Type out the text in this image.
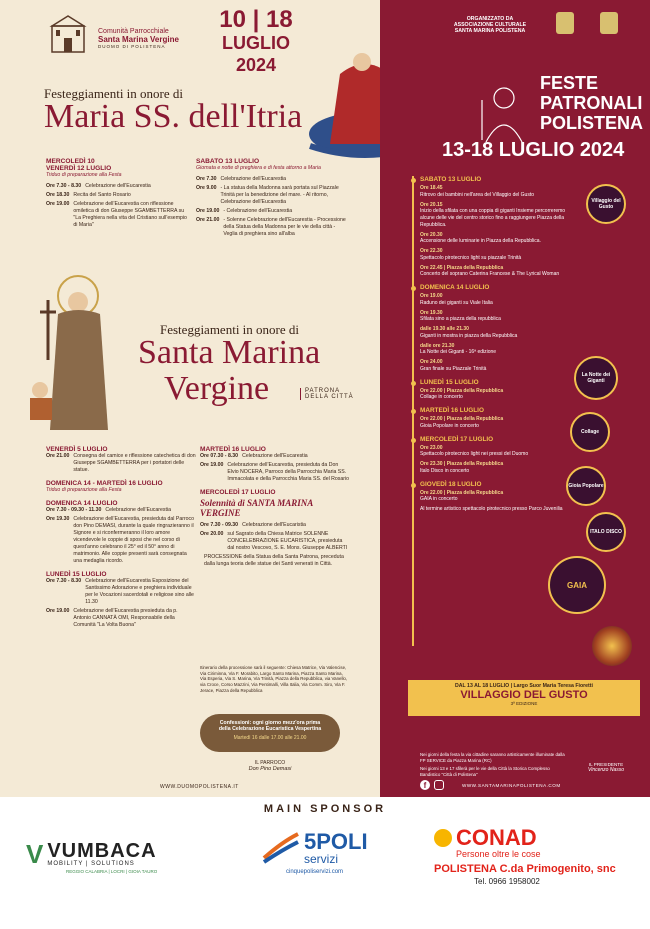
Comunità Parrocchiale
Santa Marina Vergine
DUOMO DI POLISTENA
10 | 18
LUGLIO
2024
Festeggiamenti in onore di
Maria SS. dell'Itria
MERCOLEDÌ 10
VENERDÌ 12 LUGLIO
Triduo di preparazione alla Festa
Ore 7.30 - 8.30 Celebrazione dell'Eucarestia
Ore 18.30 Recita del Santo Rosario
Ore 19.00 Celebrazione dell'Eucarestia con riflessione omiletica di don Giuseppe SGAMBETTERRA su "La Preghiera nella vita del Cristiano sull'esempio di Maria"
SABATO 13 LUGLIO
Giornata e notte di preghiera e di festa attorno a Maria
Ore 7.30 Celebrazione dell'Eucarestia
Ore 9.00 - La statua della Madonna sarà portata sul Piazzale Trinità per la benedizione del mare. - Al ritorno, Celebrazione dell'Eucarestia
Ore 19.00 - Celebrazione dell'Eucarestia
Ore 21.00 - Solenne Celebrazione dell'Eucarestia - Processione della Statua della Madonna per le vie della città - Veglia di preghiera sino all'alba
Festeggiamenti in onore di
Santa Marina
Vergine	PATRONA DELLA CITTÀ
VENERDÌ 5 LUGLIO
Ore 21.00 Consegna del camice e riflessione catechetica di don Giuseppe SGAMBETTERRA per i portatori delle statue.
DOMENICA 14 - MARTEDÌ 16 LUGLIO
Triduo di preparazione alla Festa
DOMENICA 14 LUGLIO
Ore 7.30 - 09.30 - 11.30 Celebrazione dell'Eucarestia
Ore 19.30 Celebrazione dell'Eucarestia, presieduta dal Parroco don Pino DEMASI, durante la quale ringrazieranno il Signore e si riconfermeranno il loro amore vicendevole le coppie di sposi che nel corso di quest'anno celebrano il 25° ed il 50° anno di matrimonio. Alle coppie presenti sarà consegnata una medaglia ricordo.
LUNEDÌ 15 LUGLIO
Ore 7.30 - 8.30 Celebrazione dell'Eucarestia Esposizione del Santissimo Adorazione e preghiera individuale per le Vocazioni sacerdotali e religiose sino alle 11.30
Ore 19.00 Celebrazione dell'Eucarestia presieduta da p. Antonio CANNATÀ OMI, Responsabile della Comunità "La Volta Buona"
MARTEDÌ 16 LUGLIO
Ore 07.30 - 8.30 Celebrazione dell'Eucarestia
Ore 19.00 Celebrazione dell'Eucarestia, presieduta da Don Elvio NOCERA, Parroco della Parrocchia Maria SS. Immacolata e della Parrocchia Maria SS. del Rosario
MERCOLEDÌ 17 LUGLIO
Solennità di SANTA MARINA VERGINE
Ore 7.30 - 09.30 Celebrazione dell'Eucaristia
Ore 20.00 sul Sagrato della Chiesa Matrice SOLENNE CONCELEBRAZIONE EUCARISTICA, presieduta dal nostro Vescovo, S. E. Mons. Giuseppe ALBERTI
PROCESSIONE della Statua della Santa Patrona, preceduta dalla lunga teoria delle statue dei Santi venerati in Città.
Itinerario della processione sarà il seguente: Chiesa Matrice, Via Valencise, Via Ciriminna, Via F. Morabito, Largo Santo Marina, Piazza Santo Marina, Via Esperia, Via S. Marina, Via Trinità, Piazza della Repubblica, via Vanello, via Croce, Corso Mazzini, Via Pentimalli, Villa Italia, Via Comm. Siro, Via F. Jerace, Piazza della Repubblica
Confessioni: ogni giorno mezz'ora prima
della Celebrazione Eucaristica Vespertina
Martedì 16 dalle 17.00 alle 21.00
IL PARROCO
Don Pino Demasi
WWW.DUOMOPOLISTENA.IT
ORGANIZZATO DA
ASSOCIAZIONE CULTURALE
SANTA MARINA POLISTENA
FESTE
PATRONALI
POLISTENA
13-18 LUGLIO 2024
SABATO 13 LUGLIO
Ore 18.45
Ritrovo dei bambini nell'area del Villaggio del Gusto
Ore 20.15
Inizio della sfilata con una coppia di giganti Insieme percorreremo alcune delle vie del centro storico fino a raggiungere Piazza della Repubblica.
Ore 20.30
Accensione delle luminarie in Piazza della Repubblica.
Ore 22.30
Spettacolo pirotecnico light su piazzale Trinità
Ore 22.45 | Piazza della Repubblica
Concerto del soprano Caterina Francese & The Lyrical Woman
DOMENICA 14 LUGLIO
Ore 19.00
Raduno dei giganti su Viale Italia
Ore 19.30
Sfilata sino a piazza della repubblica
dalle 19.30 alle 21.30
Giganti in mostra in piazza della Repubblica
dalle ore 21.30
La Notte dei Giganti - 16ª edizione
Ore 24.00
Gran finale su Piazzale Trinità
LUNEDÌ 15 LUGLIO
Ore 22.00 | Piazza della Repubblica
Collage in concerto
MARTEDÌ 16 LUGLIO
Ore 22.00 | Piazza della Repubblica
Gioia Popolare in concerto
MERCOLEDÌ 17 LUGLIO
Ore 23.00
Spettacolo pirotecnico light nei pressi del Duomo
Ore 23.30 | Piazza della Repubblica
Italo Disco in concerto
GIOVEDÌ 18 LUGLIO
Ore 22.00 | Piazza della Repubblica
GAIA in concerto
Al termine artistico spettacolo pirotecnico presso Parco Juvenilia
Nei giorni della festa la via cittadine saranno artisticamente illuminate dalla FP SERVICE da Piazza Marina (RC)
Nei giorni 13 e 17 sfilerà per le vie della Città la Storica Complesso Bandistico "Città di Polistena"
IL PRESIDENTE
Vincenzo Nasso
f	WWW.SANTAMARINAPOLISTENA.COM
Villaggio del Gusto
La Notte dei Giganti
Collage
Gioia Popolare
ITALO DISCO
GAIA
DAL 13 AL 18 LUGLIO | Largo Suor Maria Teresa Fioretti
VILLAGGIO DEL GUSTO
3ª EDIZIONE
MAIN SPONSOR
V VUMBACA
MOBILITY | SOLUTIONS
REGGIO CALABRIA | LOCRI | GIOIA TAURO
5POLI
servizi
cinquepoliservizi.com
CONAD
Persone oltre le cose
POLISTENA C.da Primogenito, snc
Tel. 0966 1958002
